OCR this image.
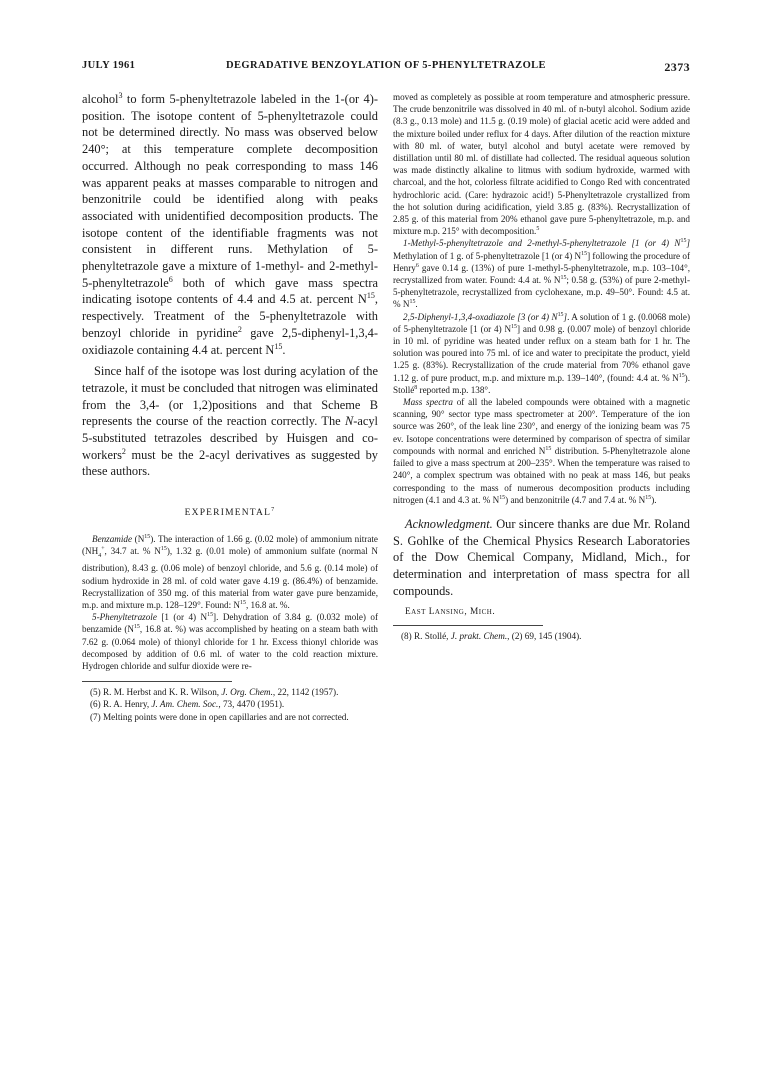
JULY 1961	DEGRADATIVE BENZOYLATION OF 5-PHENYLTETRAZOLE	2373

alcohol$^3$ to form 5-phenyltetrazole labeled in the 1-(or 4)-position. The isotope content of 5-phenyltetrazole could not be determined directly. No mass was observed below 240°; at this temperature complete decomposition occurred. Although no peak corresponding to mass 146 was apparent peaks at masses comparable to nitrogen and benzonitrile could be identified along with peaks associated with unidentified decomposition products. The isotope content of the identifiable fragments was not consistent in different runs. Methylation of 5-phenyltetrazole gave a mixture of 1-methyl- and 2-methyl-5-phenyltetrazole$^6$ both of which gave mass spectra indicating isotope contents of 4.4 and 4.5 at. percent $N^{15}$, respectively. Treatment of the 5-phenyltetrazole with benzoyl chloride in pyridine$^2$ gave 2,5-diphenyl-1,3,4-oxidiazole containing 4.4 at. percent $N^{15}$.

Since half of the isotope was lost during acylation of the tetrazole, it must be concluded that nitrogen was eliminated from the 3,4- (or 1,2)positions and that Scheme B represents the course of the reaction correctly. The N-acyl 5-substituted tetrazoles described by Huisgen and co-workers$^2$ must be the 2-acyl derivatives as suggested by these authors.

EXPERIMENTAL$^7$

Benzamide $(N^{15})$. The interaction of 1.66 g. (0.02 mole) of ammonium nitrate ($NH_4^+$, 34.7 at. % $N^{15}$), 1.32 g. (0.01 mole) of ammonium sulfate (normal N distribution), 8.43 g. (0.06 mole) of benzoyl chloride, and 5.6 g. (0.14 mole) of sodium hydroxide in 28 ml. of cold water gave 4.19 g. (86.4%) of benzamide. Recrystallization of 350 mg. of this material from water gave pure benzamide, m.p. and mixture m.p. 128–129°. Found: $N^{15}$, 16.8 at. %.

5-Phenyltetrazole [1 (or 4) $N^{15}$]. Dehydration of 3.84 g. (0.032 mole) of benzamide ($N^{15}$, 16.8 at. %) was accomplished by heating on a steam bath with 7.62 g. (0.064 mole) of thionyl chloride for 1 hr. Excess thionyl chloride was decomposed by addition of 0.6 ml. of water to the cold reaction mixture. Hydrogen chloride and sulfur dioxide were re-

(5) R. M. Herbst and K. R. Wilson, J. Org. Chem., 22, 1142 (1957).
(6) R. A. Henry, J. Am. Chem. Soc., 73, 4470 (1951).
(7) Melting points were done in open capillaries and are not corrected.

moved as completely as possible at room temperature and atmospheric pressure. The crude benzonitrile was dissolved in 40 ml. of n-butyl alcohol. Sodium azide (8.3 g., 0.13 mole) and 11.5 g. (0.19 mole) of glacial acetic acid were added and the mixture boiled under reflux for 4 days. After dilution of the reaction mixture with 80 ml. of water, butyl alcohol and butyl acetate were removed by distillation until 80 ml. of distillate had collected. The residual aqueous solution was made distinctly alkaline to litmus with sodium hydroxide, warmed with charcoal, and the hot, colorless filtrate acidified to Congo Red with concentrated hydrochloric acid. (Care: hydrazoic acid!) 5-Phenyltetrazole crystallized from the hot solution during acidification, yield 3.85 g. (83%). Recrystallization of 2.85 g. of this material from 20% ethanol gave pure 5-phenyltetrazole, m.p. and mixture m.p. 215° with decomposition.$^5$

1-Methyl-5-phenyltetrazole and 2-methyl-5-phenyltetrazole [1 (or 4) $N^{15}$] Methylation of 1 g. of 5-phenyltetrazole [1 (or 4) $N^{15}$] following the procedure of Henry$^6$ gave 0.14 g. (13%) of pure 1-methyl-5-phenyltetrazole, m.p. 103–104°, recrystallized from water. Found: 4.4 at. % $N^{15}$; 0.58 g. (53%) of pure 2-methyl-5-phenyltetrazole, recrystallized from cyclohexane, m.p. 49–50°. Found: 4.5 at. % $N^{15}$.

2,5-Diphenyl-1,3,4-oxadiazole [3 (or 4) $N^{15}$]. A solution of 1 g. (0.0068 mole) of 5-phenyltetrazole [1 (or 4) $N^{15}$] and 0.98 g. (0.007 mole) of benzoyl chloride in 10 ml. of pyridine was heated under reflux on a steam bath for 1 hr. The solution was poured into 75 ml. of ice and water to precipitate the product, yield 1.25 g. (83%). Recrystallization of the crude material from 70% ethanol gave 1.12 g. of pure product, m.p. and mixture m.p. 139–140°, (found: 4.4 at. % $N^{15}$). Stollé$^8$ reported m.p. 138°.

Mass spectra of all the labeled compounds were obtained with a magnetic scanning, 90° sector type mass spectrometer at 200°. Temperature of the ion source was 260°, of the leak line 230°, and energy of the ionizing beam was 75 ev. Isotope concentrations were determined by comparison of spectra of similar compounds with normal and enriched $N^{15}$ distribution. 5-Phenyltetrazole alone failed to give a mass spectrum at 200–235°. When the temperature was raised to 240°, a complex spectrum was obtained with no peak at mass 146, but peaks corresponding to the mass of numerous decomposition products including nitrogen (4.1 and 4.3 at. % $N^{15}$) and benzonitrile (4.7 and 7.4 at. % $N^{15}$).

Acknowledgment. Our sincere thanks are due Mr. Roland S. Gohlke of the Chemical Physics Research Laboratories of the Dow Chemical Company, Midland, Mich., for determination and interpretation of mass spectra for all compounds.

East Lansing, Mich.
(8) R. Stollé, J. prakt. Chem., (2) 69, 145 (1904).
